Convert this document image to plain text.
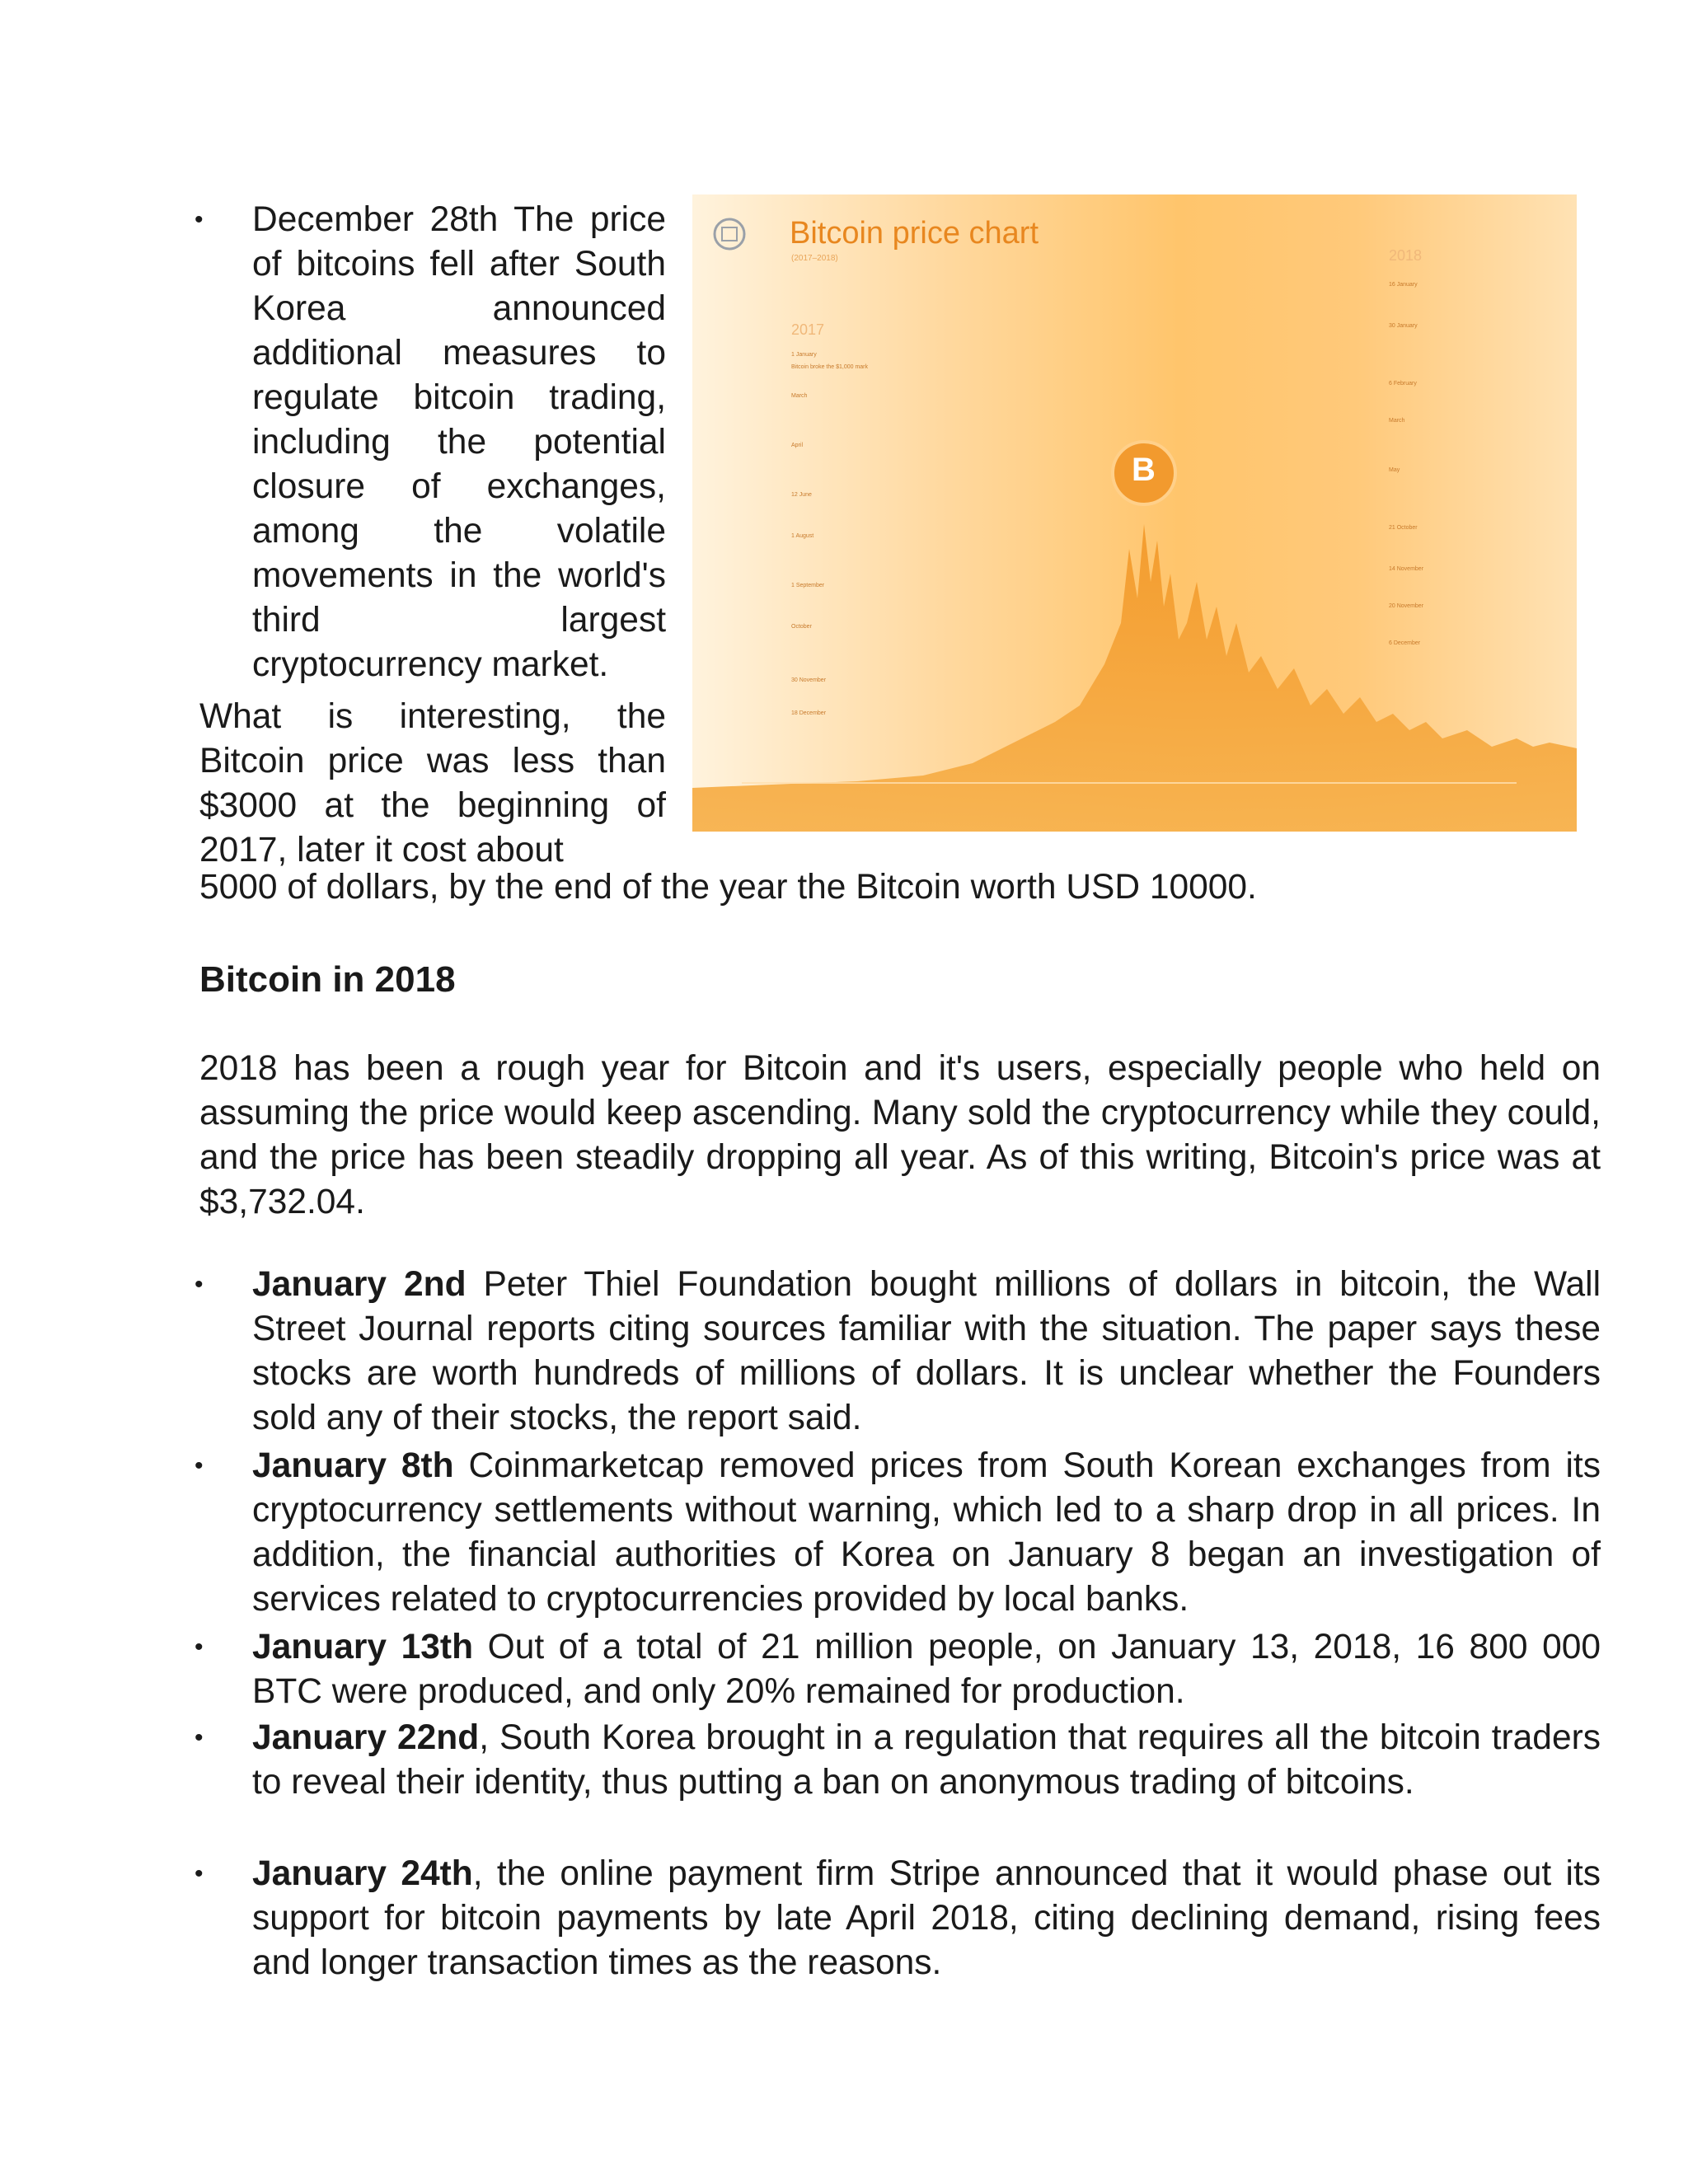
• December 28th The price of bitcoins fell after South Korea announced additional measures to regulate bitcoin trading, including the potential closure of exchanges, among the volatile movements in the world's third largest cryptocurrency market.
Bitcoin price chart
(2017–2018)
B
2017
2018
1 January
Bitcoin broke the $1,000 mark
March
April
12 June
1 August
1 September
October
30 November
18 December
16 January
30 January
6 February
March
May
21 October
14 November
20 November
6 December
What is interesting, the Bitcoin price was less than $3000 at the beginning of 2017, later it cost about
5000 of dollars, by the end of the year the Bitcoin worth USD 10000.
Bitcoin in 2018
2018 has been a rough year for Bitcoin and it's users, especially people who held on assuming the price would keep ascending. Many sold the cryptocurrency while they could, and the price has been steadily dropping all year. As of this writing, Bitcoin's price was at $3,732.04.
• January 2nd Peter Thiel Foundation bought millions of dollars in bitcoin, the Wall Street Journal reports citing sources familiar with the situation. The paper says these stocks are worth hundreds of millions of dollars. It is unclear whether the Founders sold any of their stocks, the report said.
• January 8th Coinmarketcap removed prices from South Korean exchanges from its cryptocurrency settlements without warning, which led to a sharp drop in all prices. In addition, the financial authorities of Korea on January 8 began an investigation of services related to cryptocurrencies provided by local banks.
• January 13th Out of a total of 21 million people, on January 13, 2018, 16 800 000 BTC were produced, and only 20% remained for production.
• January 22nd, South Korea brought in a regulation that requires all the bitcoin traders to reveal their identity, thus putting a ban on anonymous trading of bitcoins.
• January 24th, the online payment firm Stripe announced that it would phase out its support for bitcoin payments by late April 2018, citing declining demand, rising fees and longer transaction times as the reasons.
